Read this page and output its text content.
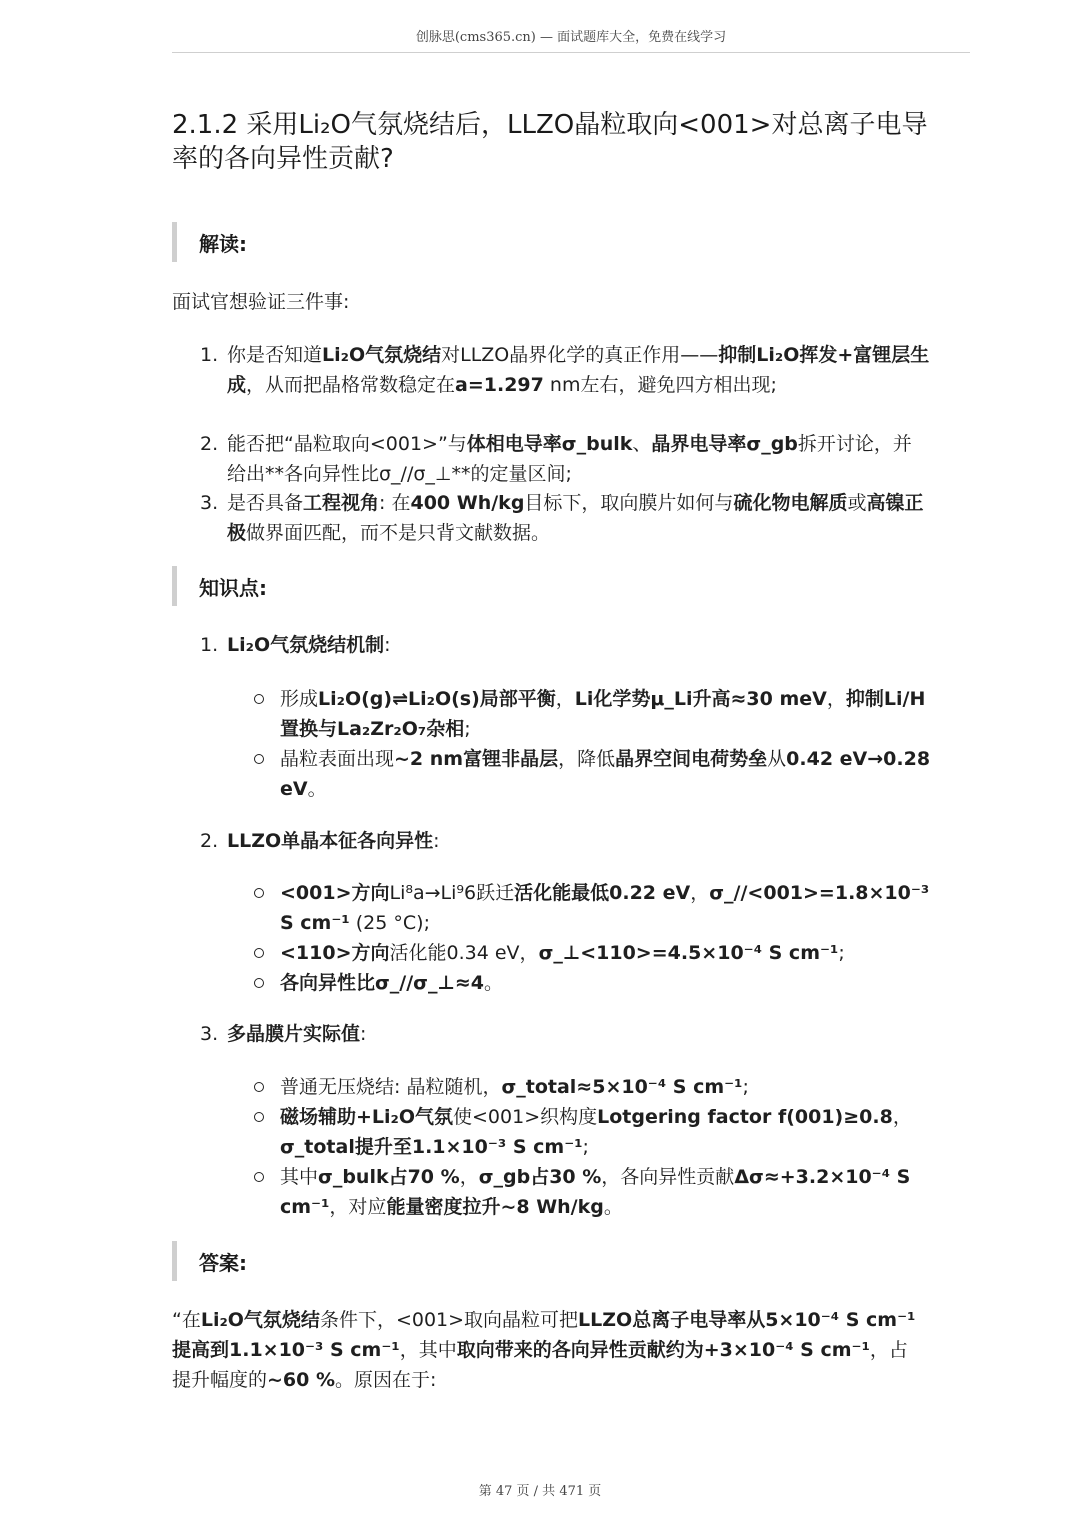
创脉思(cms365.cn) — 面试题库大全，免费在线学习
2.1.2 采用Li₂O气氛烧结后，LLZO晶粒取向<001>对总离子电导率的各向异性贡献?
解读:
面试官想验证三件事:
1. 你是否知道Li₂O气氛烧结对LLZO晶界化学的真正作用——抑制Li₂O挥发+富锂层生成，从而把晶格常数稳定在a=1.297 nm左右，避免四方相出现;
2. 能否把“晶粒取向<001>”与体相电导率σ_bulk、晶界电导率σ_gb拆开讨论，并给出**各向异性比σ_//σ_⊥**的定量区间;
3. 是否具备工程视角: 在400 Wh/kg目标下，取向膜片如何与硫化物电解质或高镍正极做界面匹配，而不是只背文献数据。
知识点:
1. Li₂O气氛烧结机制:
形成Li₂O(g)⇌Li₂O(s)局部平衡，Li化学势μ_Li升高≈30 meV，抑制Li/H置换与La₂Zr₂O₇杂相;
晶粒表面出现~2 nm富锂非晶层，降低晶界空间电荷势垒从0.42 eV→0.28 eV。
2. LLZO单晶本征各向异性:
<001>方向Li⁸a→Li⁹6跃迁活化能最低0.22 eV，σ_//<001>=1.8×10⁻³ S cm⁻¹ (25 °C);
<110>方向活化能0.34 eV，σ_⊥<110>=4.5×10⁻⁴ S cm⁻¹;
各向异性比σ_//σ_⊥≈4。
3. 多晶膜片实际值:
普通无压烧结: 晶粒随机，σ_total≈5×10⁻⁴ S cm⁻¹;
磁场辅助+Li₂O气氛使<001>织构度Lotgering factor f(001)≥0.8，σ_total提升至1.1×10⁻³ S cm⁻¹;
其中σ_bulk占70 %，σ_gb占30 %，各向异性贡献Δσ≈+3.2×10⁻⁴ S cm⁻¹，对应能量密度拉升~8 Wh/kg。
答案:
“在Li₂O气氛烧结条件下，<001>取向晶粒可把LLZO总离子电导率从5×10⁻⁴ S cm⁻¹提高到1.1×10⁻³ S cm⁻¹，其中取向带来的各向异性贡献约为+3×10⁻⁴ S cm⁻¹，占提升幅度的~60 %。原因在于:
第 47 页 / 共 471 页
